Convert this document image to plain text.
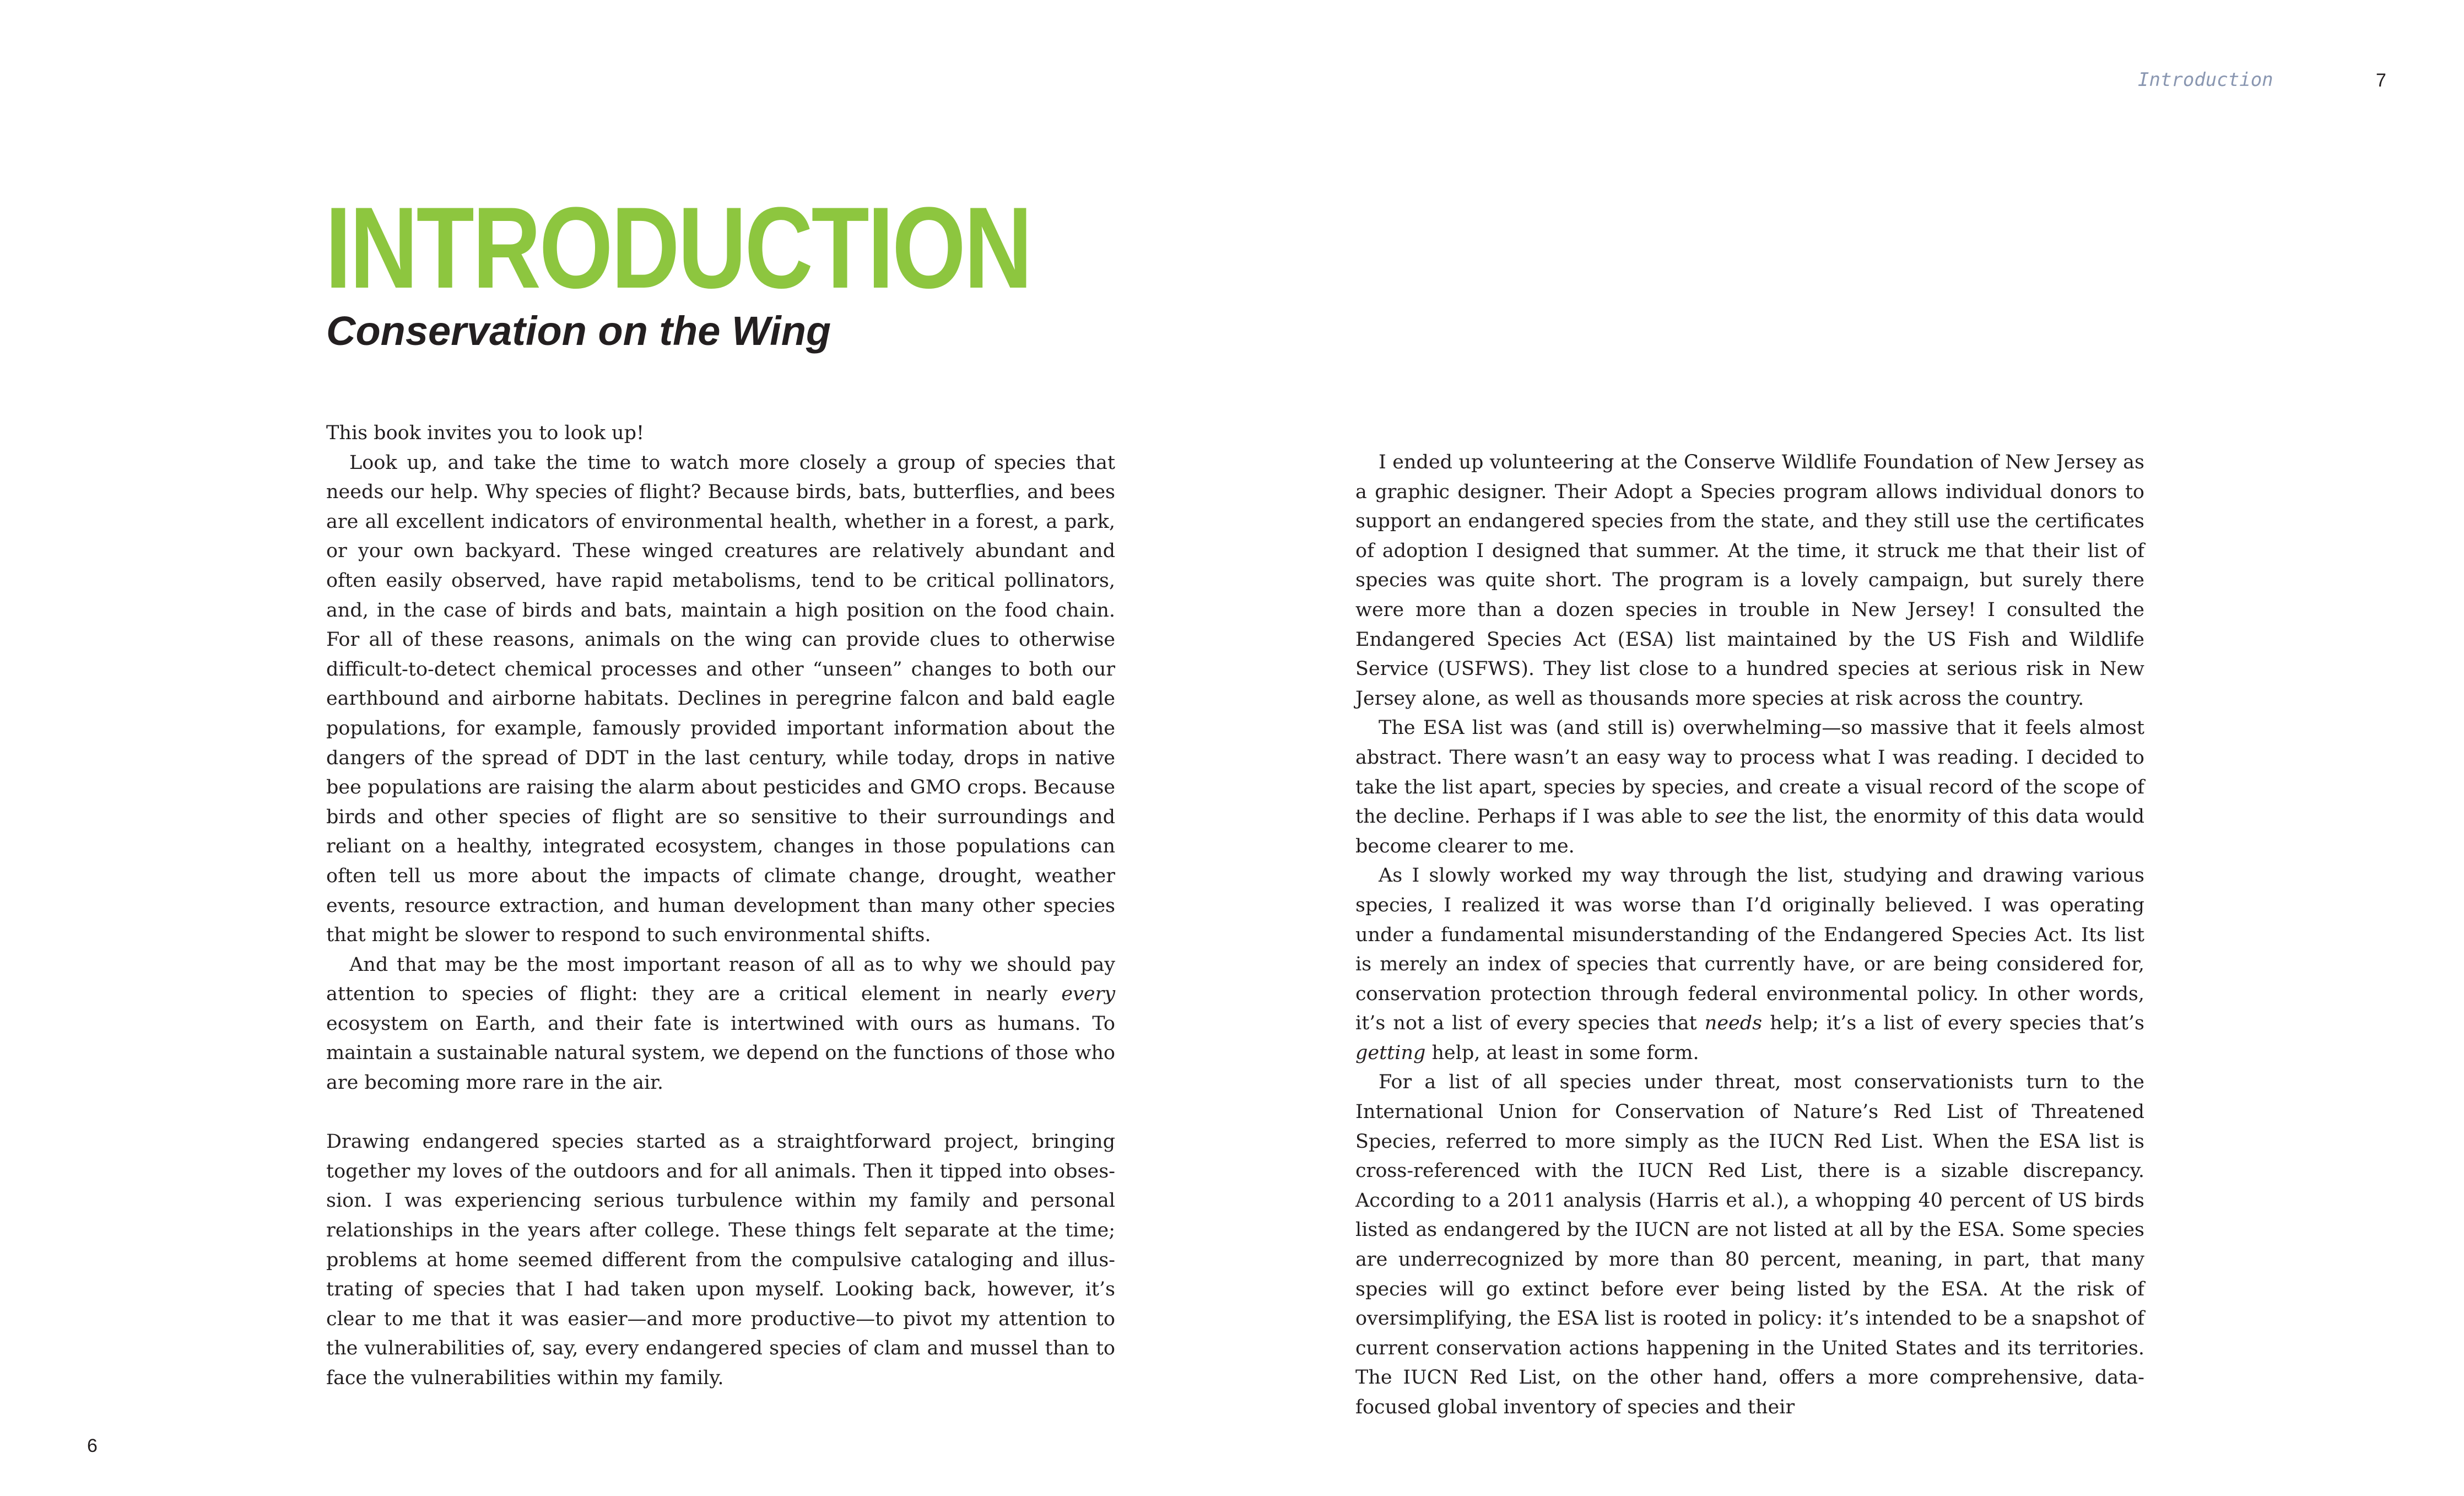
Introduction	7
INTRODUCTION
Conservation on the Wing

This book invites you to look up!

Look up, and take the time to watch more closely a group of species that needs our help. Why species of flight? Because birds, bats, butterflies, and bees are all excellent indicators of environmental health, whether in a forest, a park, or your own backyard. These winged creatures are relatively abundant and often easily observed, have rapid metabolisms, tend to be critical pollinators, and, in the case of birds and bats, maintain a high position on the food chain. For all of these reasons, animals on the wing can provide clues to otherwise difficult-to-detect chemical processes and other “unseen” changes to both our earthbound and airborne habitats. Declines in peregrine falcon and bald eagle populations, for example, famously provided important information about the dangers of the spread of DDT in the last century, while today, drops in native bee populations are raising the alarm about pesticides and GMO crops. Because birds and other species of flight are so sensitive to their surroundings and reliant on a healthy, integrated ecosystem, changes in those populations can often tell us more about the impacts of climate change, drought, weather events, resource extraction, and human development than many other species that might be slower to respond to such environmental shifts.

And that may be the most important reason of all as to why we should pay attention to species of flight: they are a critical element in nearly every ecosystem on Earth, and their fate is intertwined with ours as humans. To maintain a sustainable natural system, we depend on the functions of those who are becoming more rare in the air.

Drawing endangered species started as a straightforward project, bringing together my loves of the outdoors and for all animals. Then it tipped into obsession. I was experiencing serious turbulence within my family and personal relationships in the years after college. These things felt separate at the time; problems at home seemed different from the compulsive cataloging and illustrating of species that I had taken upon myself. Looking back, however, it’s clear to me that it was easier—and more productive—to pivot my attention to the vulnerabilities of, say, every endangered species of clam and mussel than to face the vulnerabilities within my family.

I ended up volunteering at the Conserve Wildlife Foundation of New Jersey as a graphic designer. Their Adopt a Species program allows individual donors to support an endangered species from the state, and they still use the certificates of adoption I designed that summer. At the time, it struck me that their list of species was quite short. The program is a lovely campaign, but surely there were more than a dozen species in trouble in New Jersey! I consulted the Endangered Species Act (ESA) list maintained by the US Fish and Wildlife Service (USFWS). They list close to a hundred species at serious risk in New Jersey alone, as well as thousands more species at risk across the country.

The ESA list was (and still is) overwhelming—so massive that it feels almost abstract. There wasn’t an easy way to process what I was reading. I decided to take the list apart, species by species, and create a visual record of the scope of the decline. Perhaps if I was able to see the list, the enormity of this data would become clearer to me.

As I slowly worked my way through the list, studying and drawing various species, I realized it was worse than I’d originally believed. I was operating under a fundamental misunderstanding of the Endangered Species Act. Its list is merely an index of species that currently have, or are being considered for, conservation protection through federal environmental policy. In other words, it’s not a list of every species that needs help; it’s a list of every species that’s getting help, at least in some form.

For a list of all species under threat, most conservationists turn to the International Union for Conservation of Nature’s Red List of Threatened Species, referred to more simply as the IUCN Red List. When the ESA list is cross-referenced with the IUCN Red List, there is a sizable discrepancy. According to a 2011 analysis (Harris et al.), a whopping 40 percent of US birds listed as endangered by the IUCN are not listed at all by the ESA. Some species are underrecognized by more than 80 percent, meaning, in part, that many species will go extinct before ever being listed by the ESA. At the risk of oversimplifying, the ESA list is rooted in policy: it’s intended to be a snapshot of current conservation actions happening in the United States and its territories. The IUCN Red List, on the other hand, offers a more comprehensive, data-focused global inventory of species and their

6
